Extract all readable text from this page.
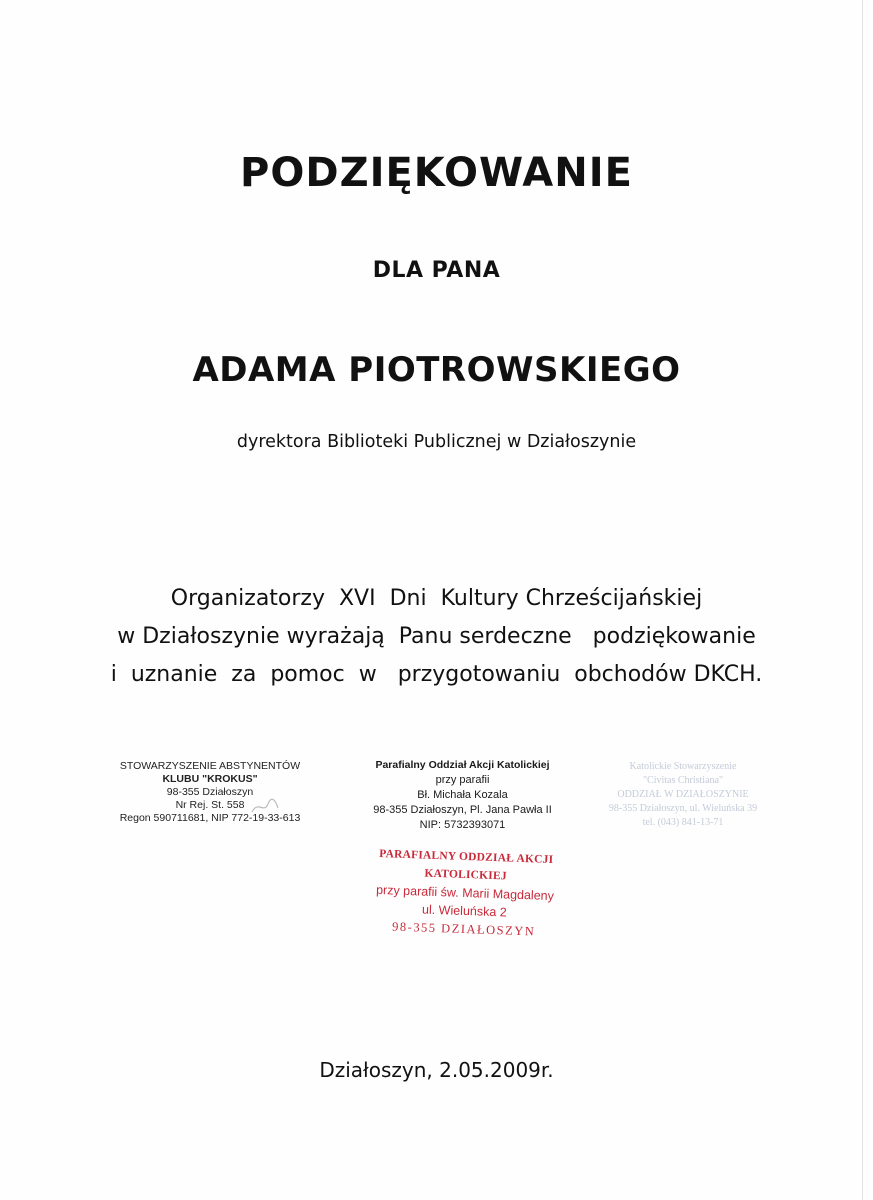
PODZIĘKOWANIE
DLA PANA
ADAMA PIOTROWSKIEGO
dyrektora Biblioteki Publicznej w Działoszynie
Organizatorzy  XVI  Dni  Kultury Chrześcijańskiej
w Działoszynie wyrażają  Panu serdeczne   podziękowanie
i  uznanie  za  pomoc  w   przygotowaniu  obchodów DKCH.
STOWARZYSZENIE ABSTYNENTÓW
KLUBU "KROKUS"
98-355 Działoszyn
Nr Rej. St. 558
Regon 590711681, NIP 772-19-33-613
Parafialny Oddział Akcji Katolickiej
przy parafii
Bł. Michała Kozala
98-355 Działoszyn, Pl. Jana Pawła II
NIP: 5732393071
Katolickie Stowarzyszenie
"Civitas Christiana"
ODDZIAŁ W DZIAŁOSZYNIE
98-355 Działoszyn, ul. Wieluńska 39
tel. (043) 841-13-71
PARAFIALNY ODDZIAŁ AKCJI KATOLICKIEJ
przy parafii św. Marii Magdaleny
ul. Wieluńska 2
98-355 DZIAŁOSZYN
Działoszyn, 2.05.2009r.
